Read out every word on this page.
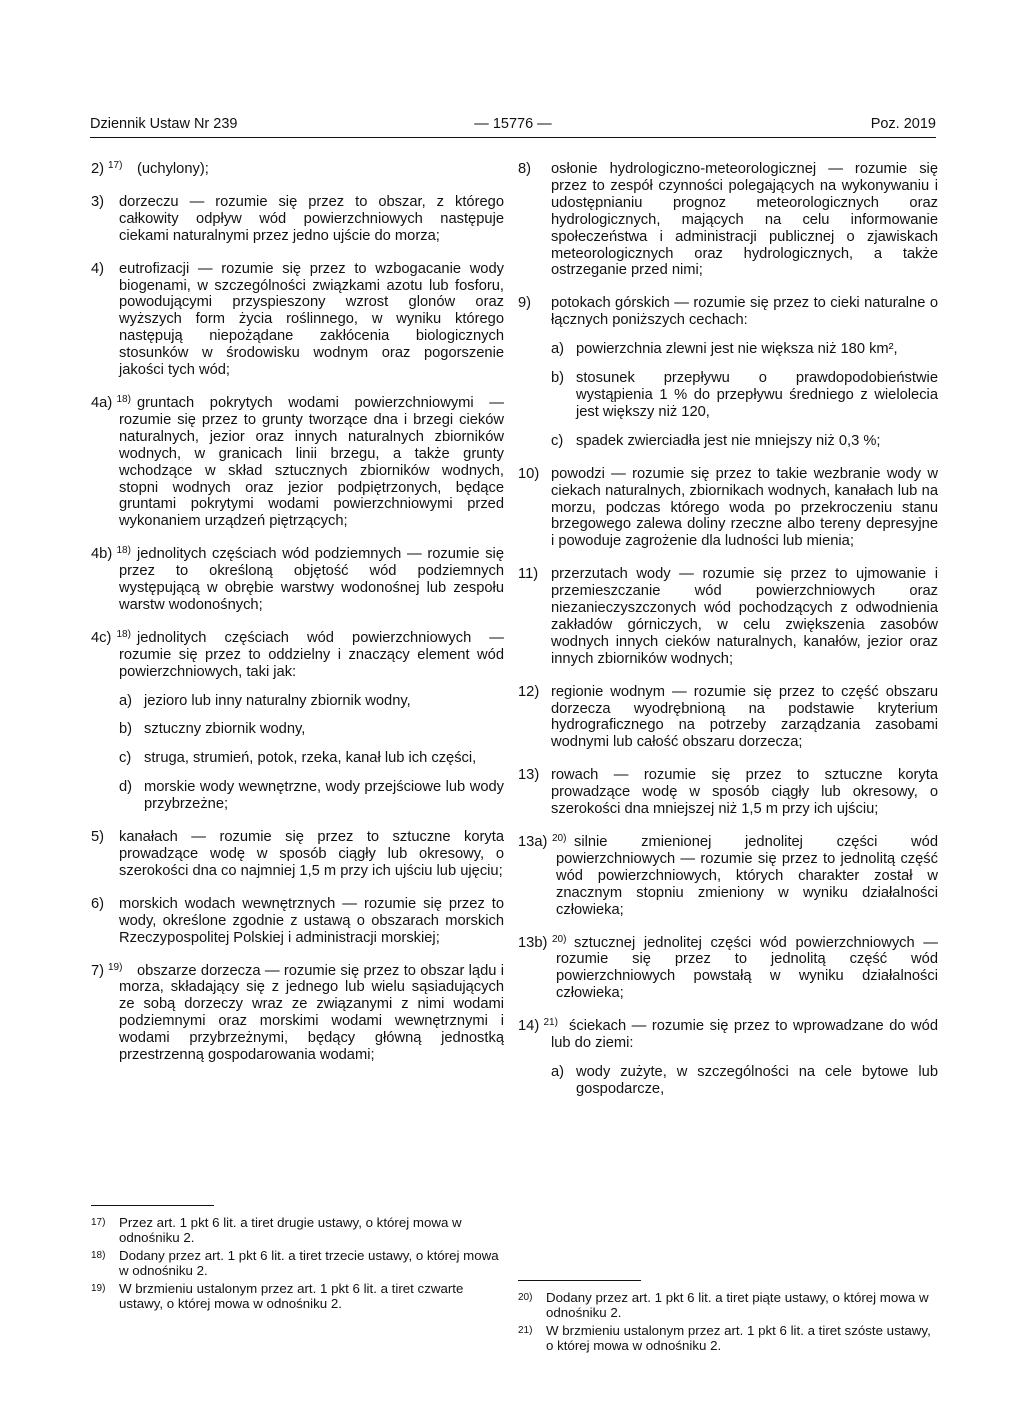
Dziennik Ustaw Nr 239	— 15776 —	Poz. 2019
2) 17) (uchylony);
3) dorzeczu — rozumie się przez to obszar, z którego całkowity odpływ wód powierzchniowych następuje ciekami naturalnymi przez jedno ujście do morza;
4) eutrofizacji — rozumie się przez to wzbogacanie wody biogenami, w szczególności związkami azotu lub fosforu, powodującymi przyspieszony wzrost glonów oraz wyższych form życia roślinnego, w wyniku którego następują niepożądane zakłócenia biologicznych stosunków w środowisku wodnym oraz pogorszenie jakości tych wód;
4a) 18) gruntach pokrytych wodami powierzchniowymi — rozumie się przez to grunty tworzące dna i brzegi cieków naturalnych, jezior oraz innych naturalnych zbiorników wodnych, w granicach linii brzegu, a także grunty wchodzące w skład sztucznych zbiorników wodnych, stopni wodnych oraz jezior podpiętrzonych, będące gruntami pokrytymi wodami powierzchniowymi przed wykonaniem urządzeń piętrzących;
4b) 18) jednolitych częściach wód podziemnych — rozumie się przez to określoną objętość wód podziemnych występującą w obrębie warstwy wodonośnej lub zespołu warstw wodonośnych;
4c) 18) jednolitych częściach wód powierzchniowych — rozumie się przez to oddzielny i znaczący element wód powierzchniowych, taki jak:
a) jezioro lub inny naturalny zbiornik wodny,
b) sztuczny zbiornik wodny,
c) struga, strumień, potok, rzeka, kanał lub ich części,
d) morskie wody wewnętrzne, wody przejściowe lub wody przybrzeżne;
5) kanałach — rozumie się przez to sztuczne koryta prowadzące wodę w sposób ciągły lub okresowy, o szerokości dna co najmniej 1,5 m przy ich ujściu lub ujęciu;
6) morskich wodach wewnętrznych — rozumie się przez to wody, określone zgodnie z ustawą o obszarach morskich Rzeczypospolitej Polskiej i administracji morskiej;
7) 19) obszarze dorzecza — rozumie się przez to obszar lądu i morza, składający się z jednego lub wielu sąsiadujących ze sobą dorzeczy wraz ze związanymi z nimi wodami podziemnymi oraz morskimi wodami wewnętrznymi i wodami przybrzeżnymi, będący główną jednostką przestrzenną gospodarowania wodami;
8) osłonie hydrologiczno-meteorologicznej — rozumie się przez to zespół czynności polegających na wykonywaniu i udostępnianiu prognoz meteorologicznych oraz hydrologicznych, mających na celu informowanie społeczeństwa i administracji publicznej o zjawiskach meteorologicznych oraz hydrologicznych, a także ostrzeganie przed nimi;
9) potokach górskich — rozumie się przez to cieki naturalne o łącznych poniższych cechach:
a) powierzchnia zlewni jest nie większa niż 180 km²,
b) stosunek przepływu o prawdopodobieństwie wystąpienia 1 % do przepływu średniego z wielolecia jest większy niż 120,
c) spadek zwierciadła jest nie mniejszy niż 0,3 %;
10) powodzi — rozumie się przez to takie wezbranie wody w ciekach naturalnych, zbiornikach wodnych, kanałach lub na morzu, podczas którego woda po przekroczeniu stanu brzegowego zalewa doliny rzeczne albo tereny depresyjne i powoduje zagrożenie dla ludności lub mienia;
11) przerzutach wody — rozumie się przez to ujmowanie i przemieszczanie wód powierzchniowych oraz niezanieczyszczonych wód pochodzących z odwodnienia zakładów górniczych, w celu zwiększenia zasobów wodnych innych cieków naturalnych, kanałów, jezior oraz innych zbiorników wodnych;
12) regionie wodnym — rozumie się przez to część obszaru dorzecza wyodrębnioną na podstawie kryterium hydrograficznego na potrzeby zarządzania zasobami wodnymi lub całość obszaru dorzecza;
13) rowach — rozumie się przez to sztuczne koryta prowadzące wodę w sposób ciągły lub okresowy, o szerokości dna mniejszej niż 1,5 m przy ich ujściu;
13a) 20) silnie zmienionej jednolitej części wód powierzchniowych — rozumie się przez to jednolitą część wód powierzchniowych, których charakter został w znacznym stopniu zmieniony w wyniku działalności człowieka;
13b) 20) sztucznej jednolitej części wód powierzchniowych — rozumie się przez to jednolitą część wód powierzchniowych powstałą w wyniku działalności człowieka;
14) 21) ściekach — rozumie się przez to wprowadzane do wód lub do ziemi:
a) wody zużyte, w szczególności na cele bytowe lub gospodarcze,
17) Przez art. 1 pkt 6 lit. a tiret drugie ustawy, o której mowa w odnośniku 2.
18) Dodany przez art. 1 pkt 6 lit. a tiret trzecie ustawy, o której mowa w odnośniku 2.
19) W brzmieniu ustalonym przez art. 1 pkt 6 lit. a tiret czwarte ustawy, o której mowa w odnośniku 2.	20) Dodany przez art. 1 pkt 6 lit. a tiret piąte ustawy, o której mowa w odnośniku 2.
21) W brzmieniu ustalonym przez art. 1 pkt 6 lit. a tiret szóste ustawy, o której mowa w odnośniku 2.
